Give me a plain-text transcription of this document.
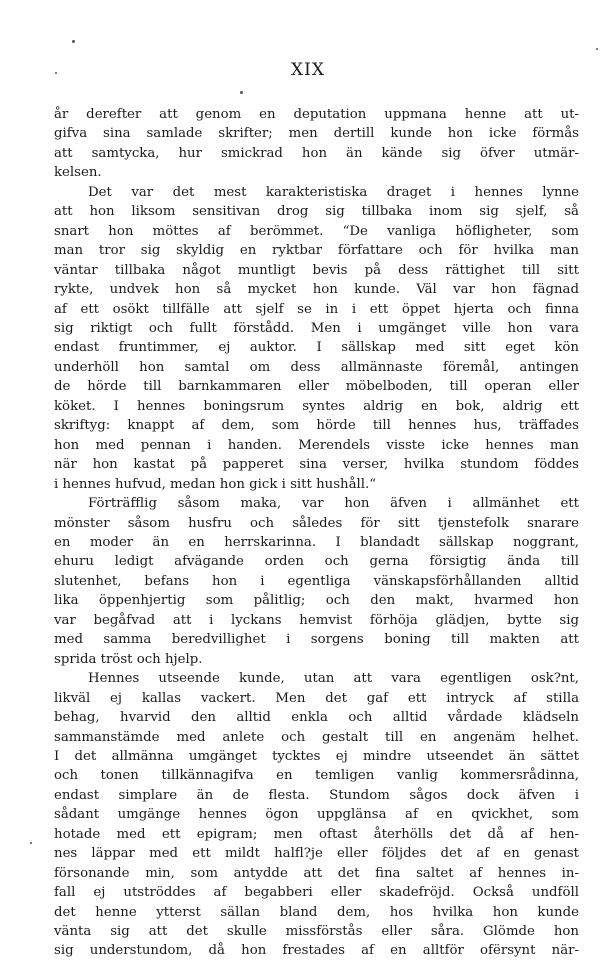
XIX
år derefter att genom en deputation uppmana henne att ut-
gifva sina samlade skrifter; men dertill kunde hon icke förmås
att samtycka, hur smickrad hon än kände sig öfver utmär-
kelsen.
Det var det mest karakteristiska draget i hennes lynne
att hon liksom sensitivan drog sig tillbaka inom sig sjelf, så
snart hon möttes af berömmet. “De vanliga höfligheter, som
man tror sig skyldig en ryktbar författare och för hvilka man
väntar tillbaka något muntligt bevis på dess rättighet till sitt
rykte, undvek hon så mycket hon kunde. Väl var hon fägnad
af ett osökt tillfälle att sjelf se in i ett öppet hjerta och finna
sig riktigt och fullt förstådd. Men i umgänget ville hon vara
endast fruntimmer, ej auktor. I sällskap med sitt eget kön
underhöll hon samtal om dess allmännaste föremål, antingen
de hörde till barnkammaren eller möbelboden, till operan eller
köket. I hennes boningsrum syntes aldrig en bok, aldrig ett
skriftyg: knappt af dem, som hörde till hennes hus, träffades
hon med pennan i handen. Merendels visste icke hennes man
när hon kastat på papperet sina verser, hvilka stundom föddes
i hennes hufvud, medan hon gick i sitt hushåll.“
Förträfflig såsom maka, var hon äfven i allmänhet ett
mönster såsom husfru och således för sitt tjenstefolk snarare
en moder än en herrskarinna. I blandadt sällskap noggrant,
ehuru ledigt afvägande orden och gerna försigtig ända till
slutenhet, befans hon i egentliga vänskapsförhållanden alltid
lika öppenhjertig som pålitlig; och den makt, hvarmed hon
var begåfvad att i lyckans hemvist förhöja glädjen, bytte sig
med samma beredvillighet i sorgens boning till makten att
sprida tröst och hjelp.
Hennes utseende kunde, utan att vara egentligen osk?nt,
likväl ej kallas vackert. Men det gaf ett intryck af stilla
behag, hvarvid den alltid enkla och alltid vårdade klädseln
sammanstämde med anlete och gestalt till en angenäm helhet.
I det allmänna umgänget tycktes ej mindre utseendet än sättet
och tonen tillkännagifva en temligen vanlig kommersrådinna,
endast simplare än de flesta. Stundom sågos dock äfven i
sådant umgänge hennes ögon uppglänsa af en qvickhet, som
hotade med ett epigram; men oftast återhölls det då af hen-
nes läppar med ett mildt halfl?je eller följdes det af en genast
försonande min, som antydde att det fina saltet af hennes in-
fall ej utströddes af begabberi eller skadefröjd. Också undföll
det henne ytterst sällan bland dem, hos hvilka hon kunde
vänta sig att det skulle missförstås eller såra. Glömde hon
sig understundom, då hon frestades af en alltför ofërsynt när-
